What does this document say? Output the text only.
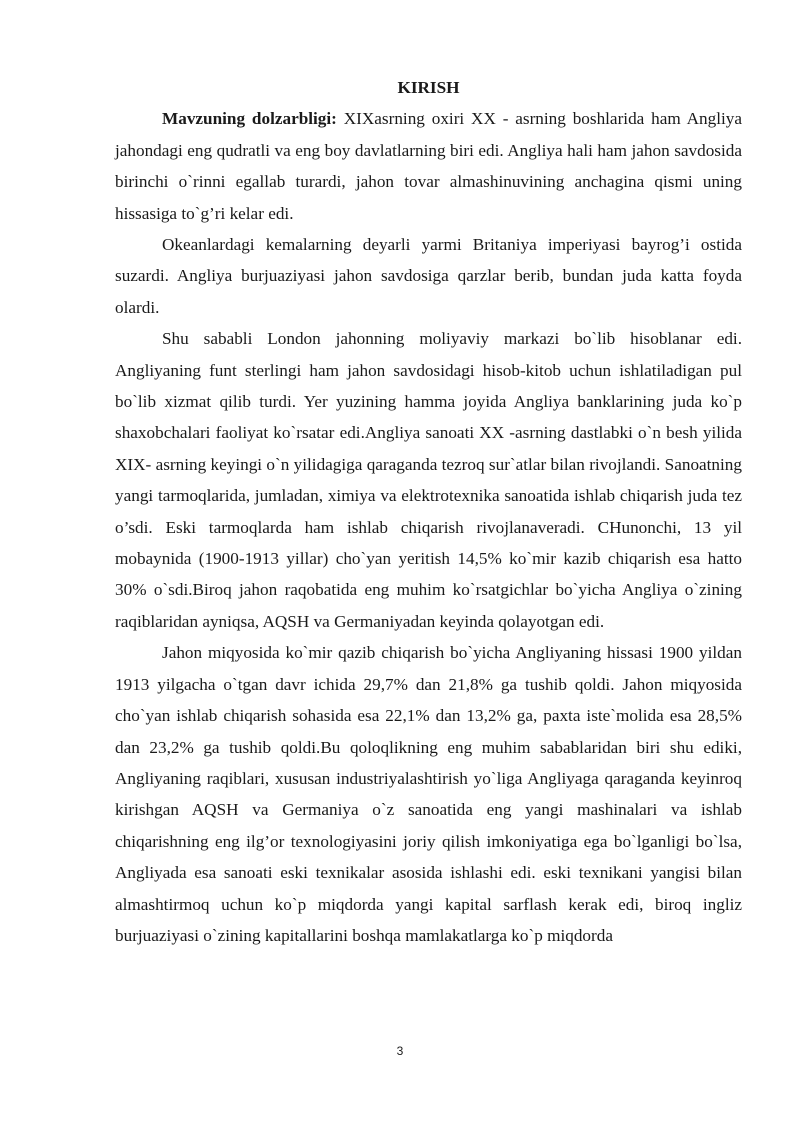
KIRISH

Mavzuning dolzarbligi: XIXasrning oxiri XX - asrning boshlarida ham Angliya jahondagi eng qudratli va eng boy davlatlarning biri edi. Angliya hali ham jahon savdosida birinchi o`rinni egallab turardi, jahon tovar almashinuvining anchagina qismi uning hissasiga to`g’ri kelar edi.

Okeanlardagi kemalarning deyarli yarmi Britaniya imperiyasi bayrog’i ostida suzardi. Angliya burjuaziyasi jahon savdosiga qarzlar berib, bundan juda katta foyda olardi.

Shu sababli London jahonning moliyaviy markazi bo`lib hisoblanar edi. Angliyaning funt sterlingi ham jahon savdosidagi hisob-kitob uchun ishlatiladigan pul bo`lib xizmat qilib turdi. Yer yuzining hamma joyida Angliya banklarining juda ko`p shaxobchalari faoliyat ko`rsatar edi.Angliya sanoati XX -asrning dastlabki o`n besh yilida XIX- asrning keyingi o`n yilidagiga qaraganda tezroq sur`atlar bilan rivojlandi. Sanoatning yangi tarmoqlarida, jumladan, ximiya va elektrotexnika sanoatida ishlab chiqarish juda tez o’sdi. Eski tarmoqlarda ham ishlab chiqarish rivojlanaveradi. CHunonchi, 13 yil mobaynida (1900-1913 yillar) cho`yan yeritish 14,5% ko`mir kazib chiqarish esa hatto 30% o`sdi.Biroq jahon raqobatida eng muhim ko`rsatgichlar bo`yicha Angliya o`zining raqiblaridan ayniqsa, AQSH va Germaniyadan keyinda qolayotgan edi.

Jahon miqyosida ko`mir qazib chiqarish bo`yicha Angliyaning hissasi 1900 yildan 1913 yilgacha o`tgan davr ichida 29,7% dan 21,8% ga tushib qoldi. Jahon miqyosida cho`yan ishlab chiqarish sohasida esa 22,1% dan 13,2% ga, paxta iste`molida esa 28,5% dan 23,2% ga tushib qoldi.Bu qoloqlikning eng muhim sabablaridan biri shu ediki, Angliyaning raqiblari, xususan industriyalashtirish yo`liga Angliyaga qaraganda keyinroq kirishgan AQSH va Germaniya o`z sanoatida eng yangi mashinalari va ishlab chiqarishning eng ilg’or texnologiyasini joriy qilish imkoniyatiga ega bo`lganligi bo`lsa, Angliyada esa sanoati eski texnikalar asosida ishlashi edi. eski texnikani yangisi bilan almashtirmoq uchun ko`p miqdorda yangi kapital sarflash kerak edi, biroq ingliz burjuaziyasi o`zining kapitallarini boshqa mamlakatlarga ko`p miqdorda

3
